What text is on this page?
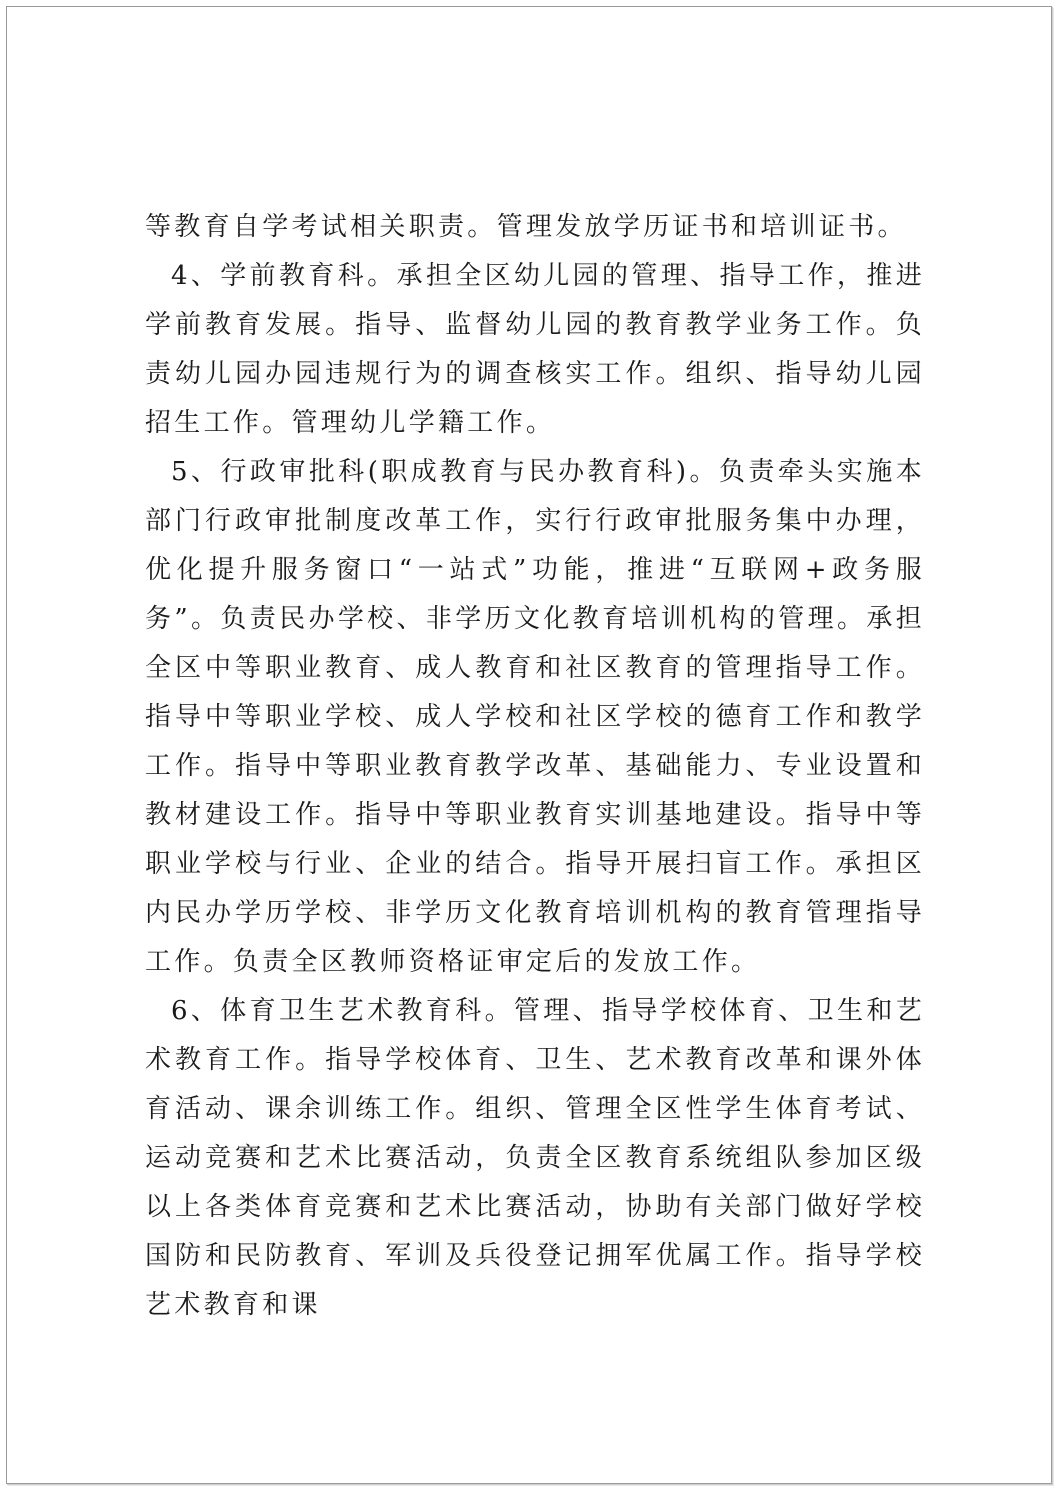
等教育自学考试相关职责。管理发放学历证书和培训证书。

4、学前教育科。承担全区幼儿园的管理、指导工作，推进学前教育发展。指导、监督幼儿园的教育教学业务工作。负责幼儿园办园违规行为的调查核实工作。组织、指导幼儿园招生工作。管理幼儿学籍工作。

5、行政审批科(职成教育与民办教育科)。负责牵头实施本部门行政审批制度改革工作，实行行政审批服务集中办理，优化提升服务窗口“一站式”功能，推进“互联网+政务服务”。负责民办学校、非学历文化教育培训机构的管理。承担全区中等职业教育、成人教育和社区教育的管理指导工作。指导中等职业学校、成人学校和社区学校的德育工作和教学工作。指导中等职业教育教学改革、基础能力、专业设置和教材建设工作。指导中等职业教育实训基地建设。指导中等职业学校与行业、企业的结合。指导开展扫盲工作。承担区内民办学历学校、非学历文化教育培训机构的教育管理指导工作。负责全区教师资格证审定后的发放工作。

6、体育卫生艺术教育科。管理、指导学校体育、卫生和艺术教育工作。指导学校体育、卫生、艺术教育改革和课外体育活动、课余训练工作。组织、管理全区性学生体育考试、运动竞赛和艺术比赛活动，负责全区教育系统组队参加区级以上各类体育竞赛和艺术比赛活动，协助有关部门做好学校国防和民防教育、军训及兵役登记拥军优属工作。指导学校艺术教育和课
